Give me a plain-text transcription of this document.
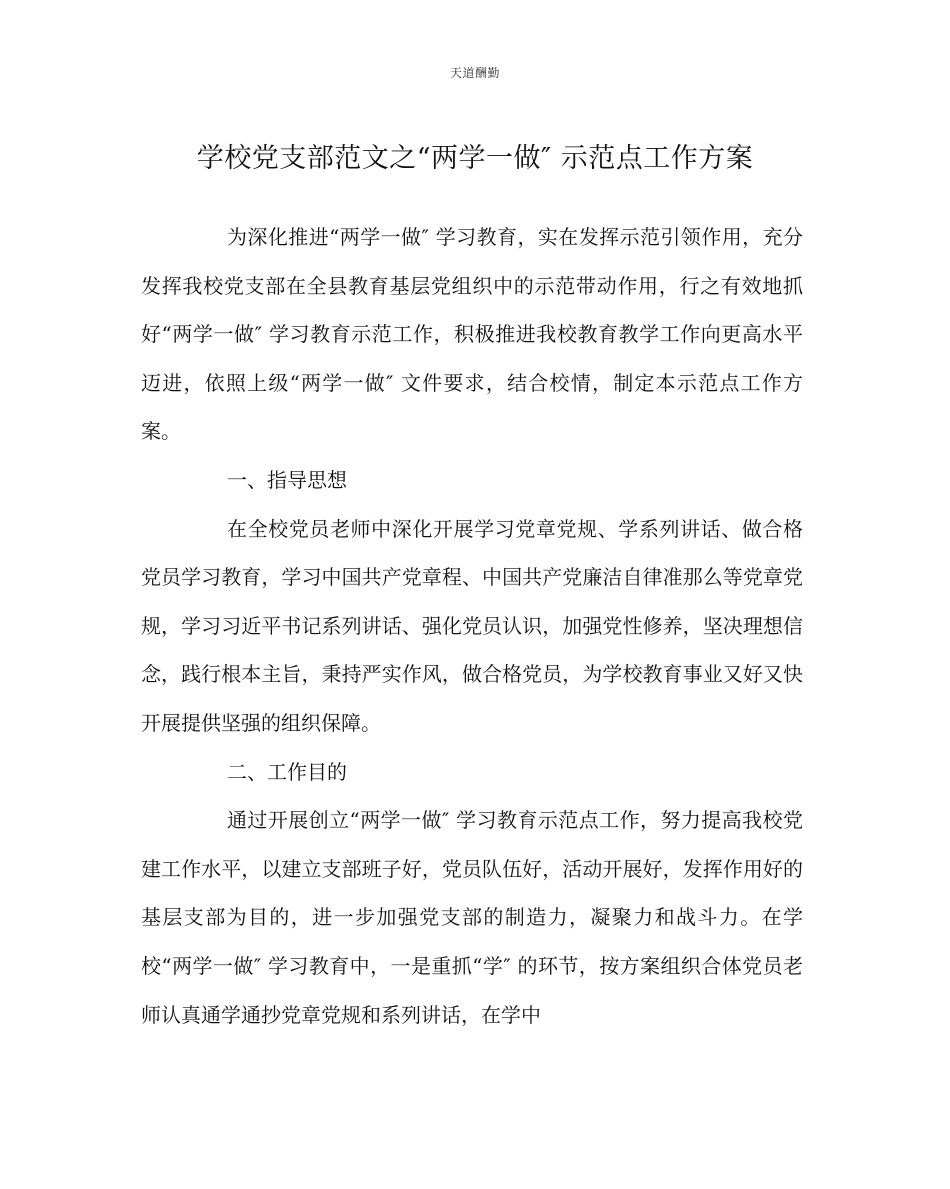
天道酬勤
学校党支部范文之“两学一做″ 示范点工作方案

为深化推进“两学一做″ 学习教育，实在发挥示范引领作用，充分发挥我校党支部在全县教育基层党组织中的示范带动作用，行之有效地抓好“两学一做″ 学习教育示范工作，积极推进我校教育教学工作向更高水平迈进，依照上级“两学一做″ 文件要求，结合校情，制定本示范点工作方案。

一、指导思想

在全校党员老师中深化开展学习党章党规、学系列讲话、做合格党员学习教育，学习中国共产党章程、中国共产党廉洁自律准那么等党章党规，学习习近平书记系列讲话、强化党员认识，加强党性修养，坚决理想信念，践行根本主旨，秉持严实作风，做合格党员，为学校教育事业又好又快开展提供坚强的组织保障。

二、工作目的

通过开展创立“两学一做″ 学习教育示范点工作，努力提高我校党建工作水平，以建立支部班子好，党员队伍好，活动开展好，发挥作用好的基层支部为目的，进一步加强党支部的制造力，凝聚力和战斗力。在学校“两学一做″ 学习教育中，一是重抓“学″ 的环节，按方案组织合体党员老师认真通学通抄党章党规和系列讲话，在学中
